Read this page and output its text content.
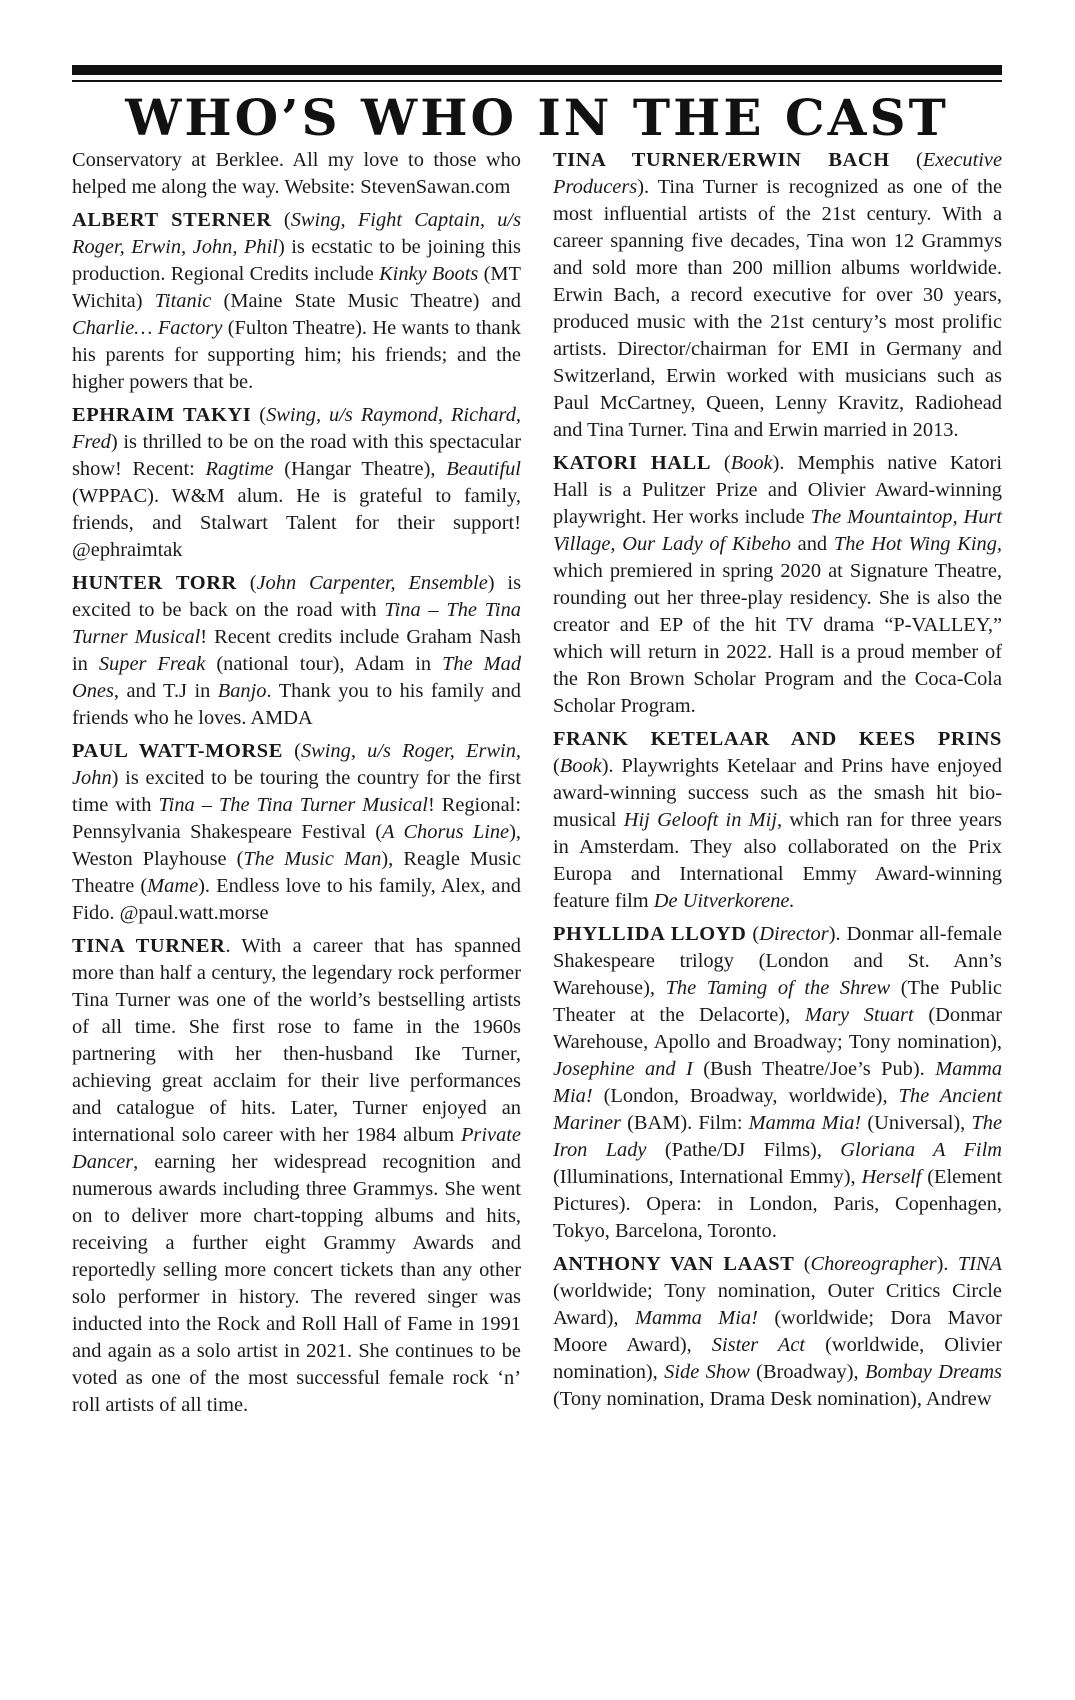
WHO’S WHO IN THE CAST

Conservatory at Berklee. All my love to those who helped me along the way. Website: StevenSawan.com

ALBERT STERNER (Swing, Fight Captain, u/s Roger, Erwin, John, Phil) is ecstatic to be joining this production. Regional Credits include Kinky Boots (MT Wichita) Titanic (Maine State Music Theatre) and Charlie… Factory (Fulton Theatre). He wants to thank his parents for supporting him; his friends; and the higher powers that be.

EPHRAIM TAKYI (Swing, u/s Raymond, Richard, Fred) is thrilled to be on the road with this spectacular show! Recent: Ragtime (Hangar Theatre), Beautiful (WPPAC). W&M alum. He is grateful to family, friends, and Stalwart Talent for their support! @ephraimtak

HUNTER TORR (John Carpenter, Ensemble) is excited to be back on the road with Tina – The Tina Turner Musical! Recent credits include Graham Nash in Super Freak (national tour), Adam in The Mad Ones, and T.J in Banjo. Thank you to his family and friends who he loves. AMDA

PAUL WATT-MORSE (Swing, u/s Roger, Erwin, John) is excited to be touring the country for the first time with Tina – The Tina Turner Musical! Regional: Pennsylvania Shakespeare Festival (A Chorus Line), Weston Playhouse (The Music Man), Reagle Music Theatre (Mame). Endless love to his family, Alex, and Fido. @paul.watt.morse

TINA TURNER. With a career that has spanned more than half a century, the legendary rock performer Tina Turner was one of the world’s bestselling artists of all time. She first rose to fame in the 1960s partnering with her then-husband Ike Turner, achieving great acclaim for their live performances and catalogue of hits. Later, Turner enjoyed an international solo career with her 1984 album Private Dancer, earning her widespread recognition and numerous awards including three Grammys. She went on to deliver more chart-topping albums and hits, receiving a further eight Grammy Awards and reportedly selling more concert tickets than any other solo performer in history. The revered singer was inducted into the Rock and Roll Hall of Fame in 1991 and again as a solo artist in 2021. She continues to be voted as one of the most successful female rock ‘n’ roll artists of all time.

TINA TURNER/ERWIN BACH (Executive Producers). Tina Turner is recognized as one of the most influential artists of the 21st century. With a career spanning five decades, Tina won 12 Grammys and sold more than 200 million albums worldwide. Erwin Bach, a record executive for over 30 years, produced music with the 21st century’s most prolific artists. Director/chairman for EMI in Germany and Switzerland, Erwin worked with musicians such as Paul McCartney, Queen, Lenny Kravitz, Radiohead and Tina Turner. Tina and Erwin married in 2013.

KATORI HALL (Book). Memphis native Katori Hall is a Pulitzer Prize and Olivier Award-winning playwright. Her works include The Mountaintop, Hurt Village, Our Lady of Kibeho and The Hot Wing King, which premiered in spring 2020 at Signature Theatre, rounding out her three-play residency. She is also the creator and EP of the hit TV drama “P-VALLEY,” which will return in 2022. Hall is a proud member of the Ron Brown Scholar Program and the Coca-Cola Scholar Program.

FRANK KETELAAR AND KEES PRINS (Book). Playwrights Ketelaar and Prins have enjoyed award-winning success such as the smash hit bio-musical Hij Gelooft in Mij, which ran for three years in Amsterdam. They also collaborated on the Prix Europa and International Emmy Award-winning feature film De Uitverkorene.

PHYLLIDA LLOYD (Director). Donmar all-female Shakespeare trilogy (London and St. Ann’s Warehouse), The Taming of the Shrew (The Public Theater at the Delacorte), Mary Stuart (Donmar Warehouse, Apollo and Broadway; Tony nomination), Josephine and I (Bush Theatre/Joe’s Pub). Mamma Mia! (London, Broadway, worldwide), The Ancient Mariner (BAM). Film: Mamma Mia! (Universal), The Iron Lady (Pathe/DJ Films), Gloriana A Film (Illuminations, International Emmy), Herself (Element Pictures). Opera: in London, Paris, Copenhagen, Tokyo, Barcelona, Toronto.

ANTHONY VAN LAAST (Choreographer). TINA (worldwide; Tony nomination, Outer Critics Circle Award), Mamma Mia! (worldwide; Dora Mavor Moore Award), Sister Act (worldwide, Olivier nomination), Side Show (Broadway), Bombay Dreams (Tony nomination, Drama Desk nomination), Andrew
